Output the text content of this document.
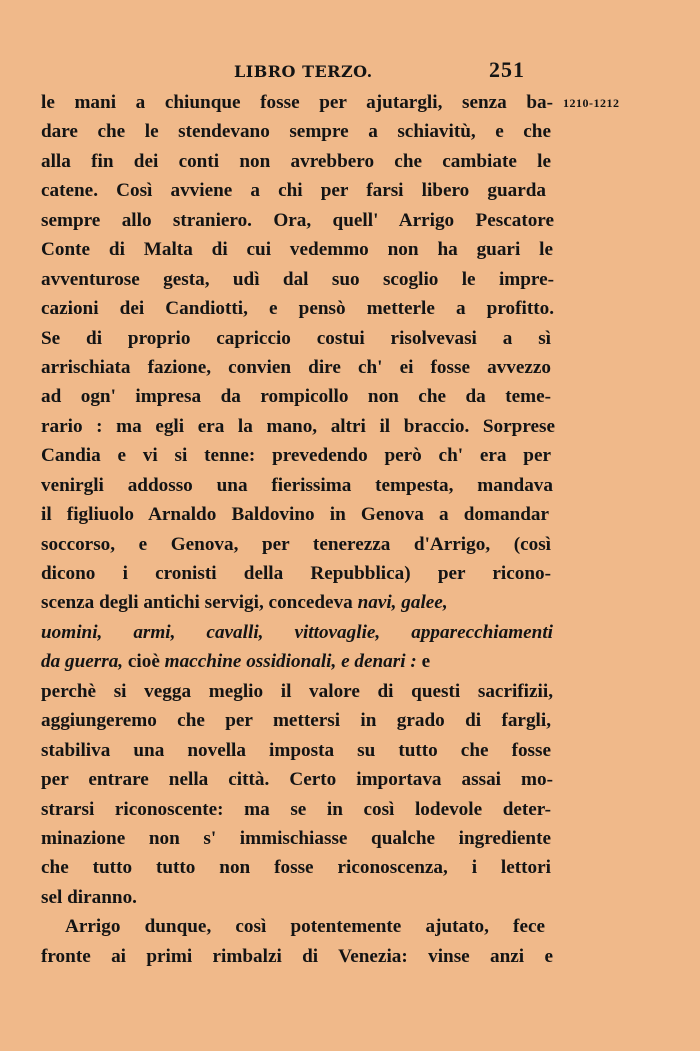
LIBRO TERZO.	251
1210-1212
le mani a chiunque fosse per ajutargli, senza ba-
dare che le stendevano sempre a schiavitù, e che
alla fin dei conti non avrebbero che cambiate le
catene. Così avviene a chi per farsi libero guarda
sempre allo straniero. Ora, quell' Arrigo Pescatore
Conte di Malta di cui vedemmo non ha guari le
avventurose gesta, udì dal suo scoglio le impre-
cazioni dei Candiotti, e pensò metterle a profitto.
Se di proprio capriccio costui risolvevasi a sì
arrischiata fazione, convien dire ch' ei fosse avvezzo
ad ogn' impresa da rompicollo non che da teme-
rario : ma egli era la mano, altri il braccio. Sorprese
Candia e vi si tenne: prevedendo però ch' era per
venirgli addosso una fierissima tempesta, mandava
il figliuolo Arnaldo Baldovino in Genova a domandar
soccorso, e Genova, per tenerezza d'Arrigo, (così
dicono i cronisti della Repubblica) per ricono-
scenza degli antichi servigi, concedeva navi, galee,
uomini, armi, cavalli, vittovaglie, apparecchiamenti
da guerra, cioè macchine ossidionali, e denari : e
perchè si vegga meglio il valore di questi sacrifizii,
aggiungeremo che per mettersi in grado di fargli,
stabiliva una novella imposta su tutto che fosse
per entrare nella città. Certo importava assai mo-
strarsi riconoscente: ma se in così lodevole deter-
minazione non s' immischiasse qualche ingrediente
che tutto tutto non fosse riconoscenza, i lettori
sel diranno.
Arrigo dunque, così potentemente ajutato, fece
fronte ai primi rimbalzi di Venezia: vinse anzi e
